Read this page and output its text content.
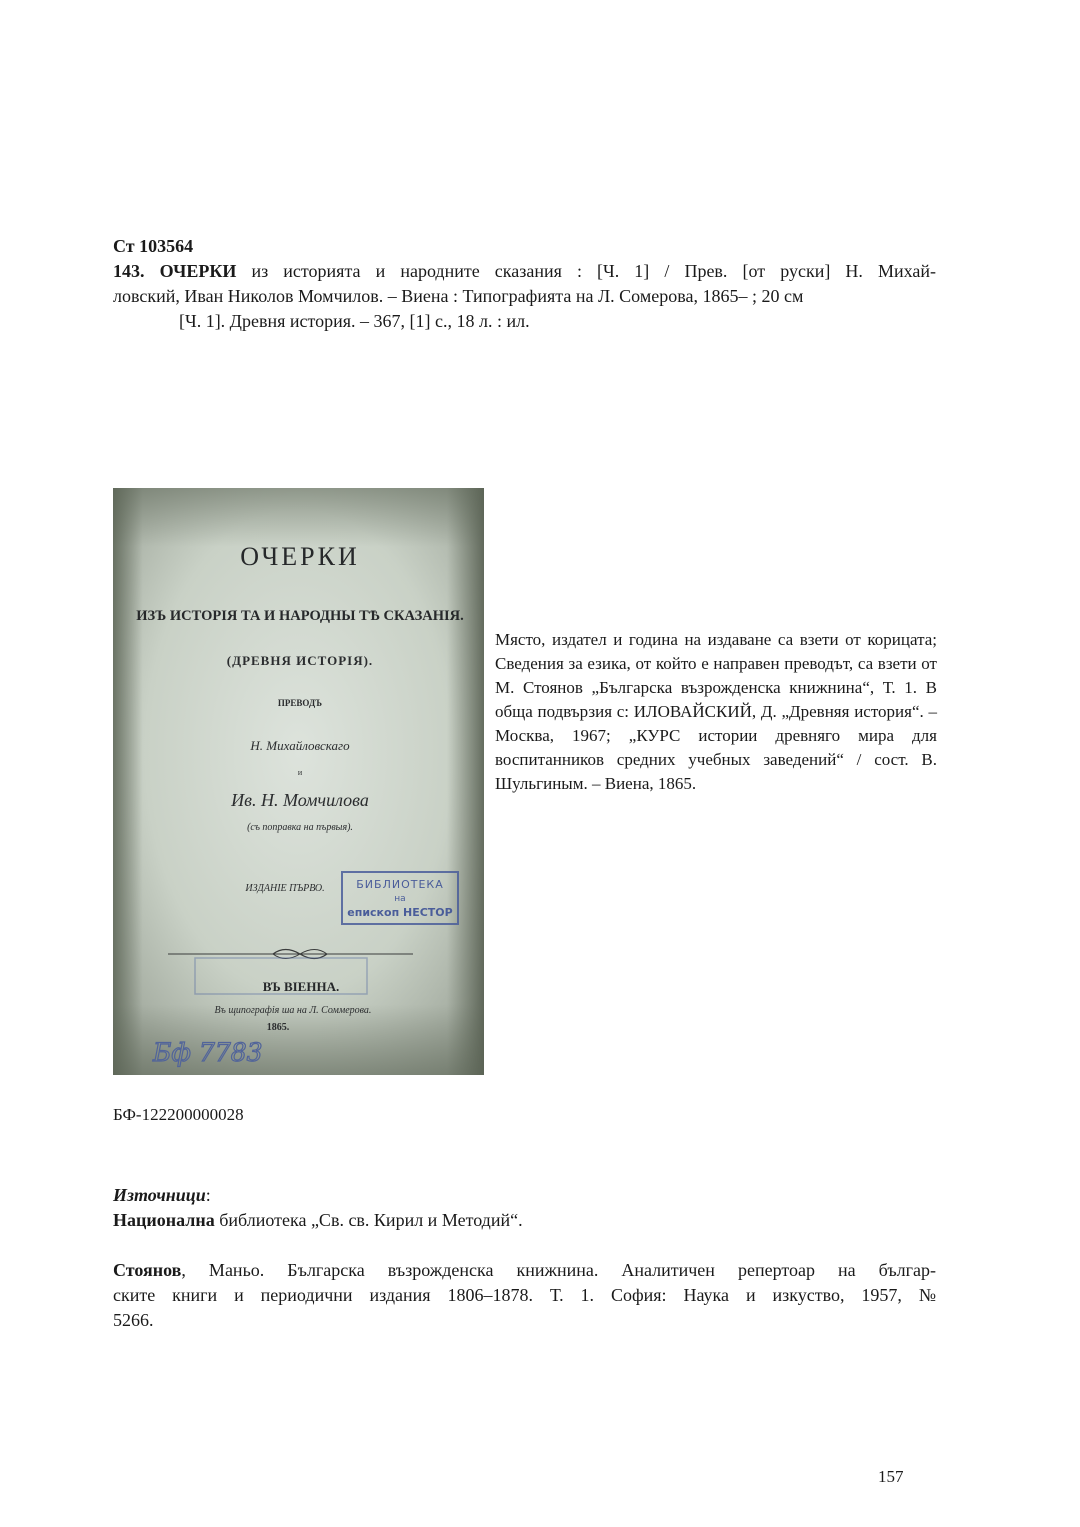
Ст 103564

143. ОЧЕРКИ из историята и народните сказания : [Ч. 1] / Прев. [от руски] Н. Михай-

ловский, Иван Николов Момчилов. – Виена : Типографията на Л. Сомерова, 1865– ; 20 см

[Ч. 1]. Древня история. – 367, [1] с., 18 л. : ил.

ОЧЕРКИ
ИЗЪ ИСТОРІЯ ТА И НАРОДНЫ ТѢ СКАЗАНІЯ.
(ДРЕВНЯ ИСТОРІЯ).
ПРЕВОДЪ
Н. Михайловскаго
и
Ив. Н. Момчилова
(съ поправка на първыя).
ИЗДАНІЕ ПЪРВО.	БИБЛИОТЕКА
на
епископ НЕСТОР
ВЪ ВІЕННА.
Въ щипографія ша на Л. Соммерова.
1865.
Бф 7783

Място, издател и година на издаване са взети от корицата; Сведения за езика, от който е направен преводът, са взети от М. Стоянов „Българска възрожденска книжнина“, Т. 1. В обща подвързия с: ИЛОВАЙСКИЙ, Д. „Древняя история“. – Москва, 1967; „КУРС истории древняго мира для воспитанников средних учебных заведений“ / сост. В. Шульгиным. – Виена, 1865.

БФ-122200000028

Източници:

Национална библиотека „Св. св. Кирил и Методий“.

Стоянов, Маньо. Българска възрожденска книжнина. Аналитичен репертоар на българ-

ските книги и периодични издания 1806–1878. Т. 1. София: Наука и изкуство, 1957, №

5266.

157
